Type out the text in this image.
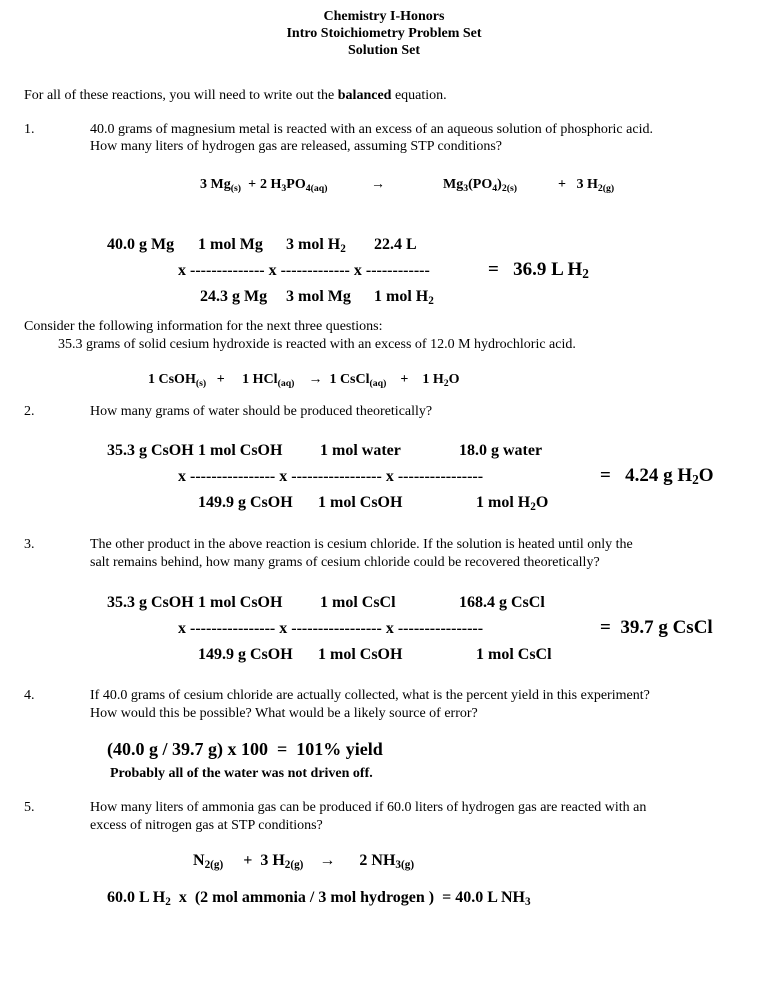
Chemistry I-Honors
Intro Stoichiometry Problem Set
Solution Set
For all of these reactions, you will need to write out the balanced equation.
1.	40.0 grams of magnesium metal is reacted with an excess of an aqueous solution of phosphoric acid.
How many liters of hydrogen gas are released, assuming STP conditions?
3 $Mg_{(s)} + 2$ $H_3PO_{4(aq)}$	→	$Mg_3(PO_4)_{2(s)}$	+   3 $H_{2(g)}$
40.0 g Mg 1 mol Mg 3 mol $H_2$ 22.4 L
x -------------- x ------------- x ------------	=   36.9 L $H_2$
24.3 g Mg 3 mol Mg 1 mol $H_2$
Consider the following information for the next three questions:
35.3 grams of solid cesium hydroxide is reacted with an excess of 12.0 M hydrochloric acid.
1 CsOH$_{(s)}$   +     1 HCl$_{(aq)}$    →  1 CsCl$_{(aq)}$    +    1 $H_2O$
2.	How many grams of water should be produced theoretically?
35.3 g CsOH 1 mol CsOH 1 mol water	18.0 g water
x ---------------- x ----------------- x ----------------	=   4.24 g $H_2O$
149.9 g CsOH 1 mol CsOH	1 mol $H_2O$
3.	The other product in the above reaction is cesium chloride. If the solution is heated until only the
salt remains behind, how many grams of cesium chloride could be recovered theoretically?
35.3 g CsOH 1 mol CsOH 1 mol CsCl	168.4 g CsCl
x ---------------- x ----------------- x ----------------	=  39.7 g CsCl
149.9 g CsOH 1 mol CsOH	1 mol CsCl
4.	If 40.0 grams of cesium chloride are actually collected, what is the percent yield in this experiment?
How would this be possible? What would be a likely source of error?
(40.0 g / 39.7 g) x 100  =  101% yield
Probably all of the water was not driven off.
5.	How many liters of ammonia gas can be produced if 60.0 liters of hydrogen gas are reacted with an
excess of nitrogen gas at STP conditions?
$N_{2(g)}$     +  3 $H_{2(g)}$    →      2 $NH_{3(g)}$
60.0 L $H_2$  x  (2 mol ammonia / 3 mol hydrogen )  = 40.0 L $NH_3$
